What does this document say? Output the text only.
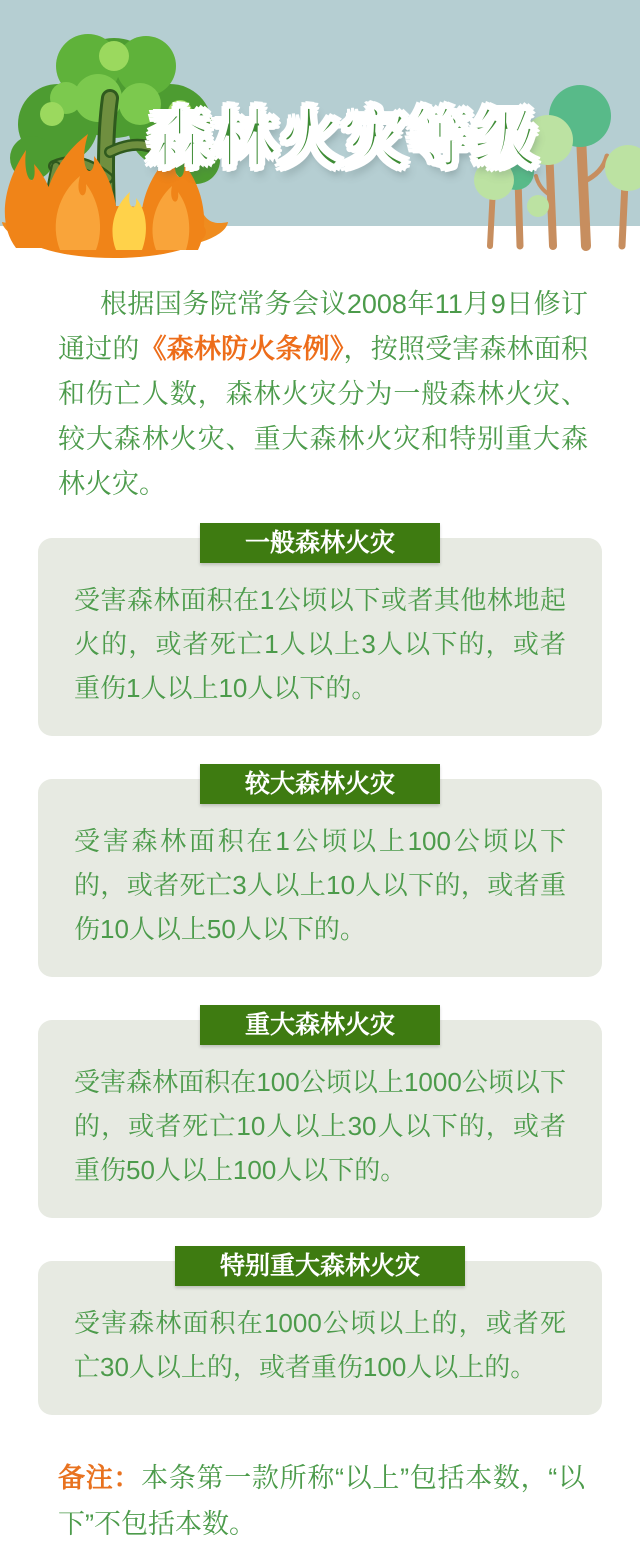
森林火灾等级

根据国务院常务会议2008年11月9日修订通过的《森林防火条例》，按照受害森林面积和伤亡人数，森林火灾分为一般森林火灾、较大森林火灾、重大森林火灾和特别重大森林火灾。

一般森林火灾

受害森林面积在1公顷以下或者其他林地起火的，或者死亡1人以上3人以下的，或者重伤1人以上10人以下的。

较大森林火灾

受害森林面积在1公顷以上100公顷以下的，或者死亡3人以上10人以下的，或者重伤10人以上50人以下的。

重大森林火灾

受害森林面积在100公顷以上1000公顷以下的，或者死亡10人以上30人以下的，或者重伤50人以上100人以下的。

特别重大森林火灾

受害森林面积在1000公顷以上的，或者死亡30人以上的，或者重伤100人以上的。

备注：本条第一款所称“以上”包括本数，“以下”不包括本数。
